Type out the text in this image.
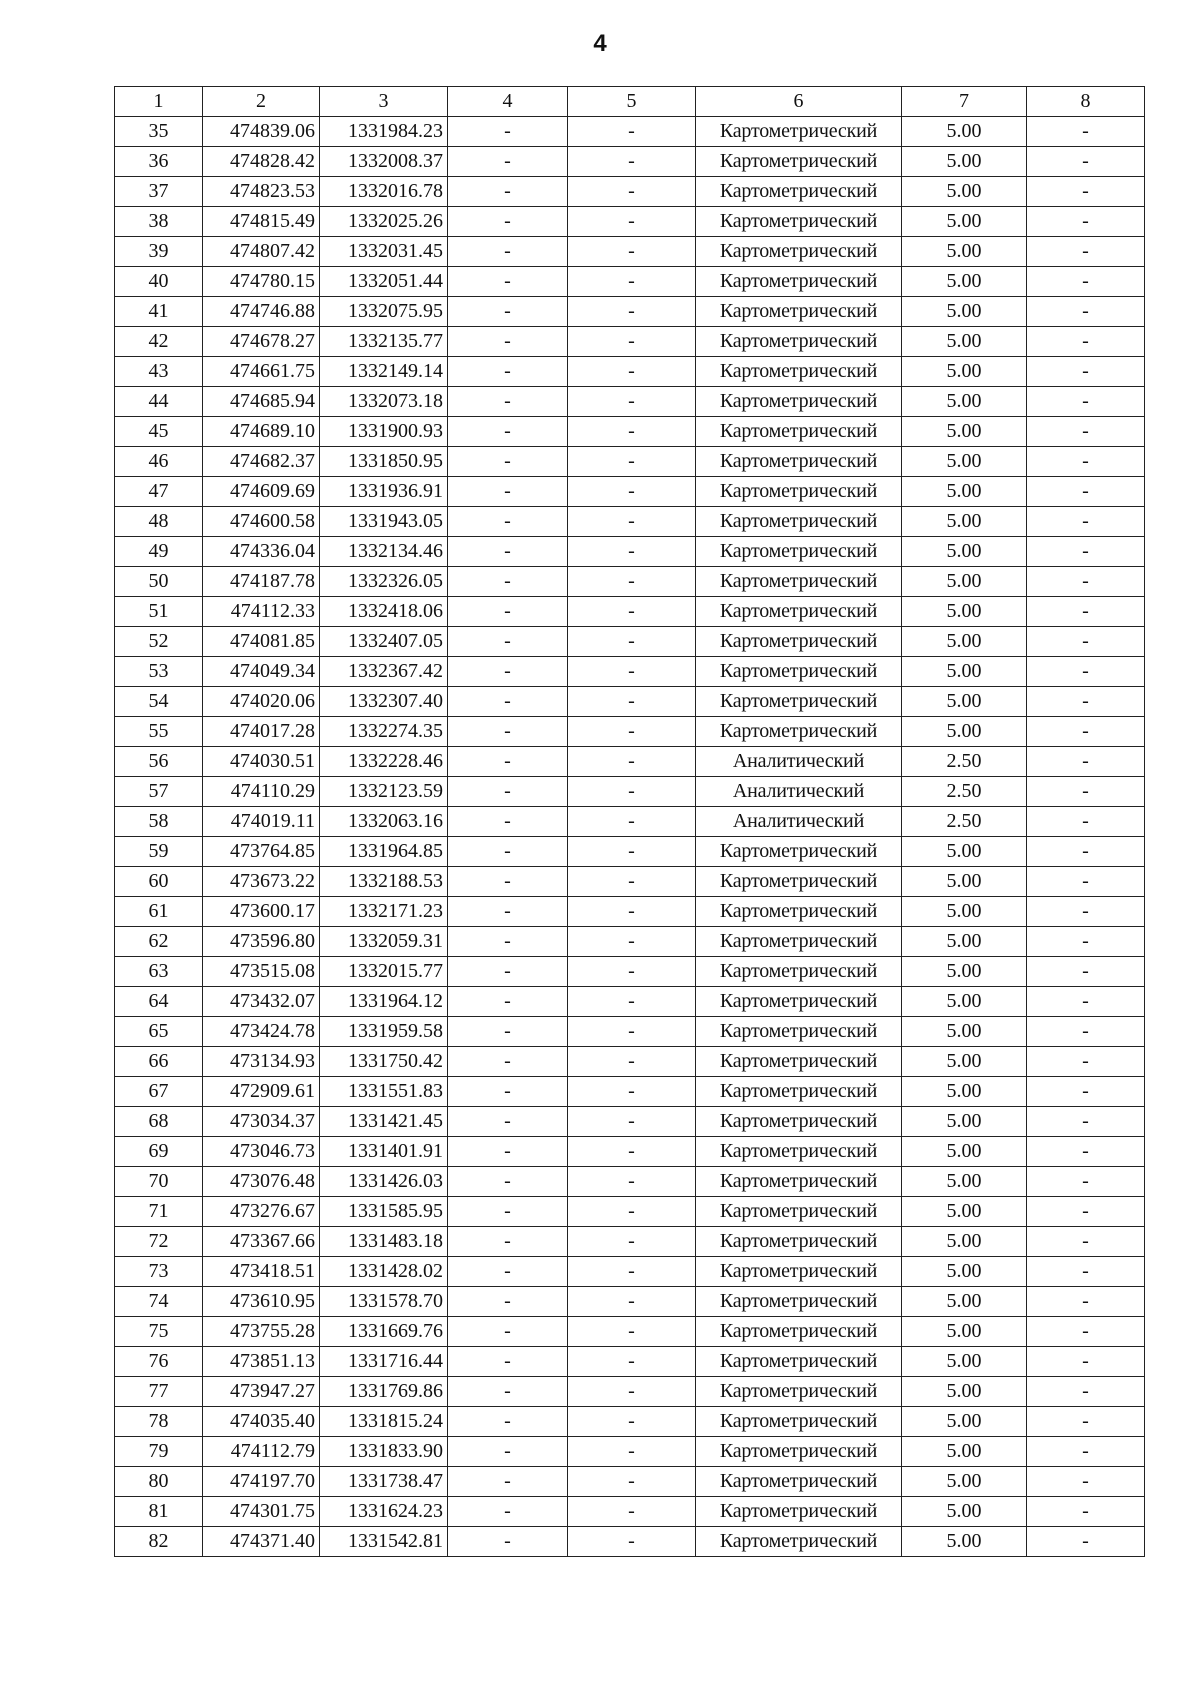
4
1	2	3	4	5	6	7	8
35	474839.06	1331984.23	-	-	Картометрический	5.00	-
36	474828.42	1332008.37	-	-	Картометрический	5.00	-
37	474823.53	1332016.78	-	-	Картометрический	5.00	-
38	474815.49	1332025.26	-	-	Картометрический	5.00	-
39	474807.42	1332031.45	-	-	Картометрический	5.00	-
40	474780.15	1332051.44	-	-	Картометрический	5.00	-
41	474746.88	1332075.95	-	-	Картометрический	5.00	-
42	474678.27	1332135.77	-	-	Картометрический	5.00	-
43	474661.75	1332149.14	-	-	Картометрический	5.00	-
44	474685.94	1332073.18	-	-	Картометрический	5.00	-
45	474689.10	1331900.93	-	-	Картометрический	5.00	-
46	474682.37	1331850.95	-	-	Картометрический	5.00	-
47	474609.69	1331936.91	-	-	Картометрический	5.00	-
48	474600.58	1331943.05	-	-	Картометрический	5.00	-
49	474336.04	1332134.46	-	-	Картометрический	5.00	-
50	474187.78	1332326.05	-	-	Картометрический	5.00	-
51	474112.33	1332418.06	-	-	Картометрический	5.00	-
52	474081.85	1332407.05	-	-	Картометрический	5.00	-
53	474049.34	1332367.42	-	-	Картометрический	5.00	-
54	474020.06	1332307.40	-	-	Картометрический	5.00	-
55	474017.28	1332274.35	-	-	Картометрический	5.00	-
56	474030.51	1332228.46	-	-	Аналитический	2.50	-
57	474110.29	1332123.59	-	-	Аналитический	2.50	-
58	474019.11	1332063.16	-	-	Аналитический	2.50	-
59	473764.85	1331964.85	-	-	Картометрический	5.00	-
60	473673.22	1332188.53	-	-	Картометрический	5.00	-
61	473600.17	1332171.23	-	-	Картометрический	5.00	-
62	473596.80	1332059.31	-	-	Картометрический	5.00	-
63	473515.08	1332015.77	-	-	Картометрический	5.00	-
64	473432.07	1331964.12	-	-	Картометрический	5.00	-
65	473424.78	1331959.58	-	-	Картометрический	5.00	-
66	473134.93	1331750.42	-	-	Картометрический	5.00	-
67	472909.61	1331551.83	-	-	Картометрический	5.00	-
68	473034.37	1331421.45	-	-	Картометрический	5.00	-
69	473046.73	1331401.91	-	-	Картометрический	5.00	-
70	473076.48	1331426.03	-	-	Картометрический	5.00	-
71	473276.67	1331585.95	-	-	Картометрический	5.00	-
72	473367.66	1331483.18	-	-	Картометрический	5.00	-
73	473418.51	1331428.02	-	-	Картометрический	5.00	-
74	473610.95	1331578.70	-	-	Картометрический	5.00	-
75	473755.28	1331669.76	-	-	Картометрический	5.00	-
76	473851.13	1331716.44	-	-	Картометрический	5.00	-
77	473947.27	1331769.86	-	-	Картометрический	5.00	-
78	474035.40	1331815.24	-	-	Картометрический	5.00	-
79	474112.79	1331833.90	-	-	Картометрический	5.00	-
80	474197.70	1331738.47	-	-	Картометрический	5.00	-
81	474301.75	1331624.23	-	-	Картометрический	5.00	-
82	474371.40	1331542.81	-	-	Картометрический	5.00	-
